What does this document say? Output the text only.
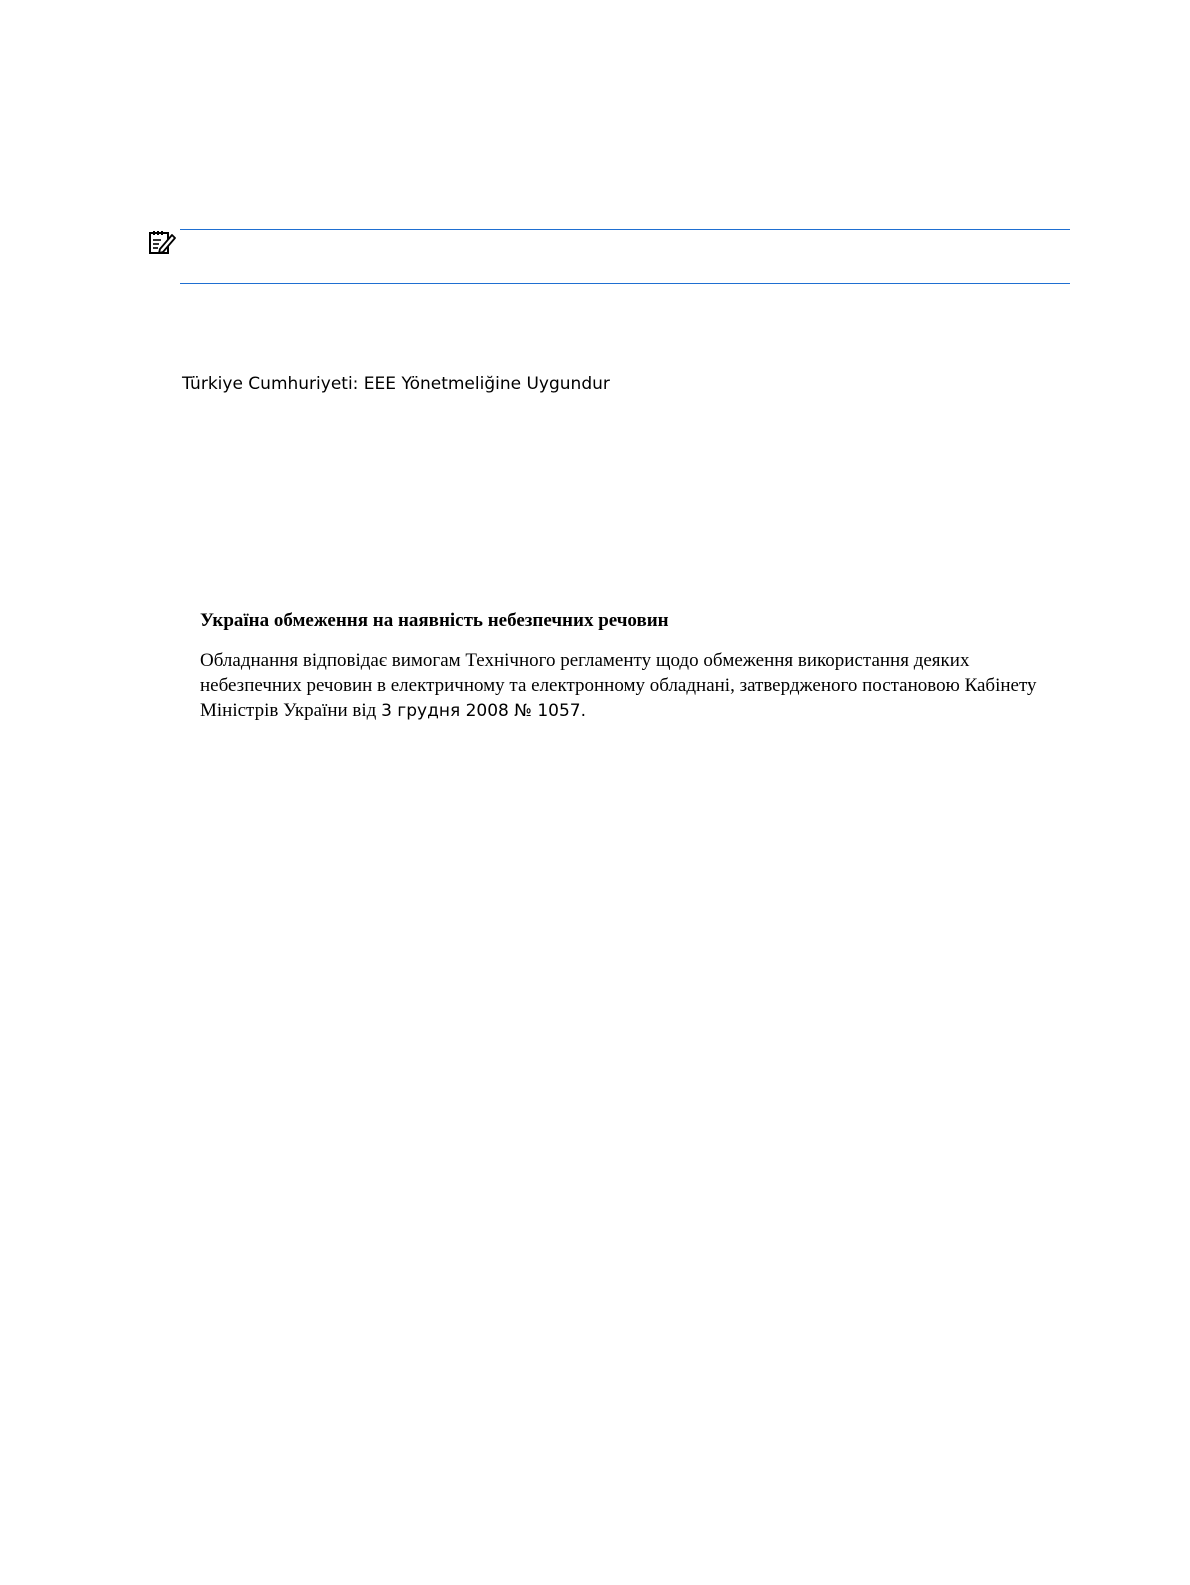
Türkiye Cumhuriyeti: EEE Yönetmeliğine Uygundur

Україна обмеження на наявність небезпечних речовин

Обладнання відповідає вимогам Технічного регламенту щодо обмеження використання деяких
небезпечних речовин в електричному та електронному обладнані, затвердженого постановою Кабінету
Міністрів України від 3 грудня 2008 № 1057.
